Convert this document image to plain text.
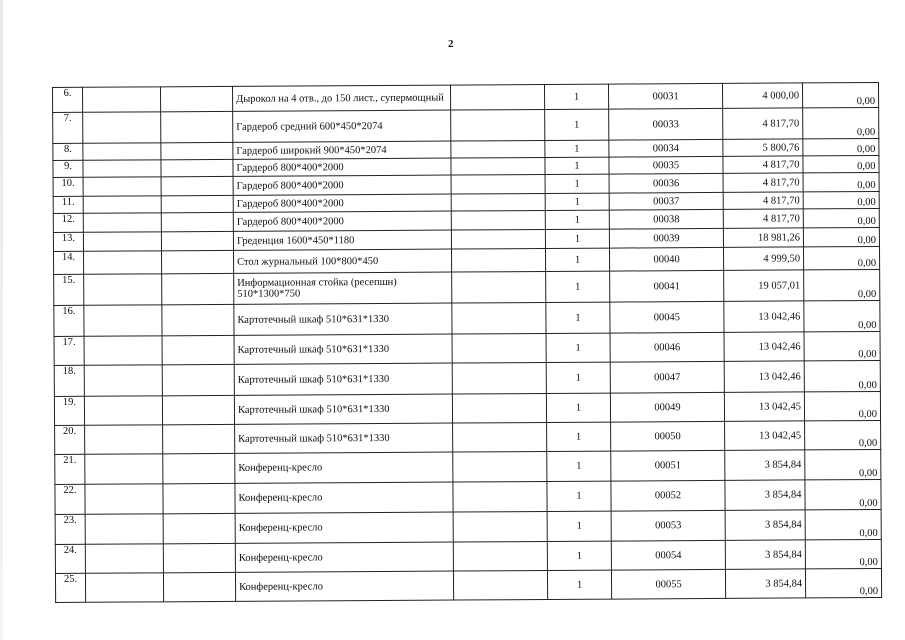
2
6.			Дырокол на 4 отв., до 150 лист., супермощный		1	00031	4 000,00	0,00
7.			Гардероб средний 600*450*2074		1	00033	4 817,70	0,00
8.			Гардероб широкий 900*450*2074		1	00034	5 800,76	0,00
9.			Гардероб 800*400*2000		1	00035	4 817,70	0,00
10.			Гардероб 800*400*2000		1	00036	4 817,70	0,00
11.			Гардероб 800*400*2000		1	00037	4 817,70	0,00
12.			Гардероб 800*400*2000		1	00038	4 817,70	0,00
13.			Греденция 1600*450*1180		1	00039	18 981,26	0,00
14.			Стол журнальный 100*800*450		1	00040	4 999,50	0,00
15.			Информационная стойка (ресепшн) 510*1300*750		1	00041	19 057,01	0,00
16.			Картотечный шкаф 510*631*1330		1	00045	13 042,46	0,00
17.			Картотечный шкаф 510*631*1330		1	00046	13 042,46	0,00
18.			Картотечный шкаф 510*631*1330		1	00047	13 042,46	0,00
19.			Картотечный шкаф 510*631*1330		1	00049	13 042,45	0,00
20.			Картотечный шкаф 510*631*1330		1	00050	13 042,45	0,00
21.			Конференц-кресло		1	00051	3 854,84	0,00
22.			Конференц-кресло		1	00052	3 854,84	0,00
23.			Конференц-кресло		1	00053	3 854,84	0,00
24.			Конференц-кресло		1	00054	3 854,84	0,00
25.			Конференц-кресло		1	00055	3 854,84	0,00
